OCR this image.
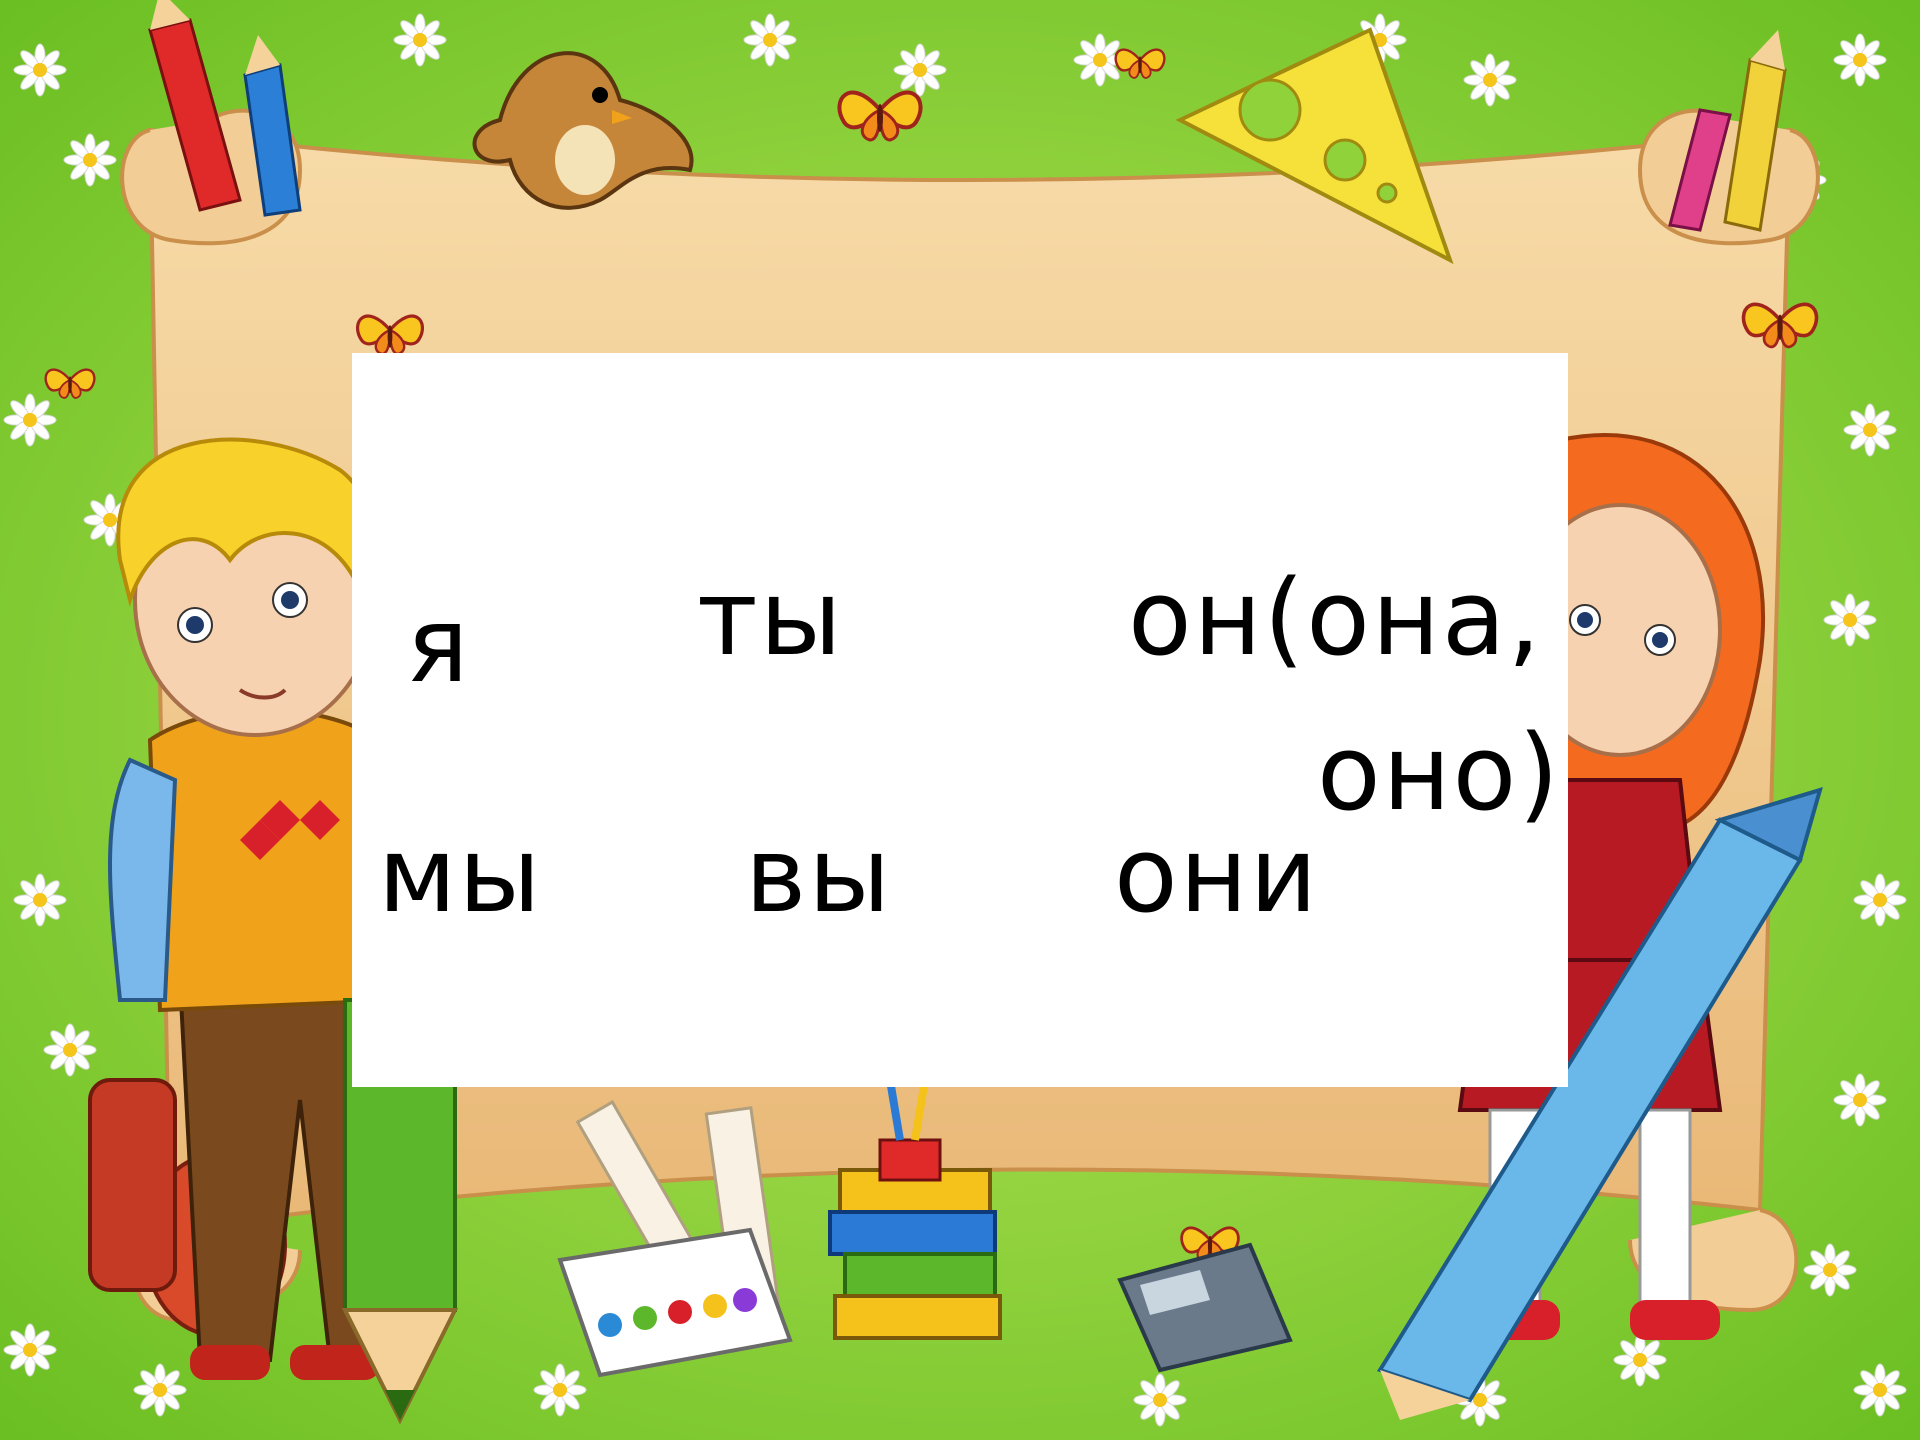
я ты	он(она,
оно)
мы вы они
